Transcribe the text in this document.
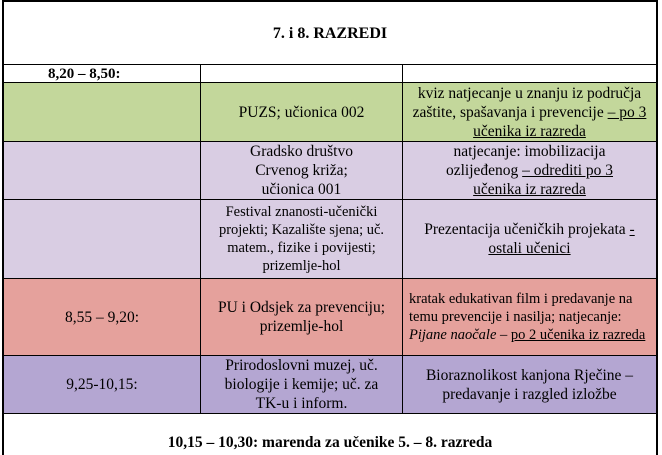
7. i 8. RAZREDI
8,20 – 8,50:
PUZS; učionica 002
kviz natjecanje u znanju iz područja zaštite, spašavanja i prevencije – po 3 učenika iz razreda
Gradsko društvo Crvenog križa; učionica 001
natjecanje: imobilizacija ozlijeđenog – odrediti po 3 učenika iz razreda
Festival znanosti-učenički projekti; Kazalište sjena; uč. matem., fizike i povijesti; prizemlje-hol
Prezentacija učeničkih projekata -ostali učenici
8,55 – 9,20:
PU i Odsjek za prevenciju; prizemlje-hol
kratak edukativan film i predavanje na temu prevencije i nasilja; natjecanje: Pijane naočale – po 2 učenika iz razreda
9,25-10,15:
Prirodoslovni muzej, uč. biologije i kemije; uč. za TK-u i inform.
Bioraznolikost kanjona Rječine – predavanje i razgled izložbe
10,15 – 10,30: marenda za učenike 5. – 8. razreda
